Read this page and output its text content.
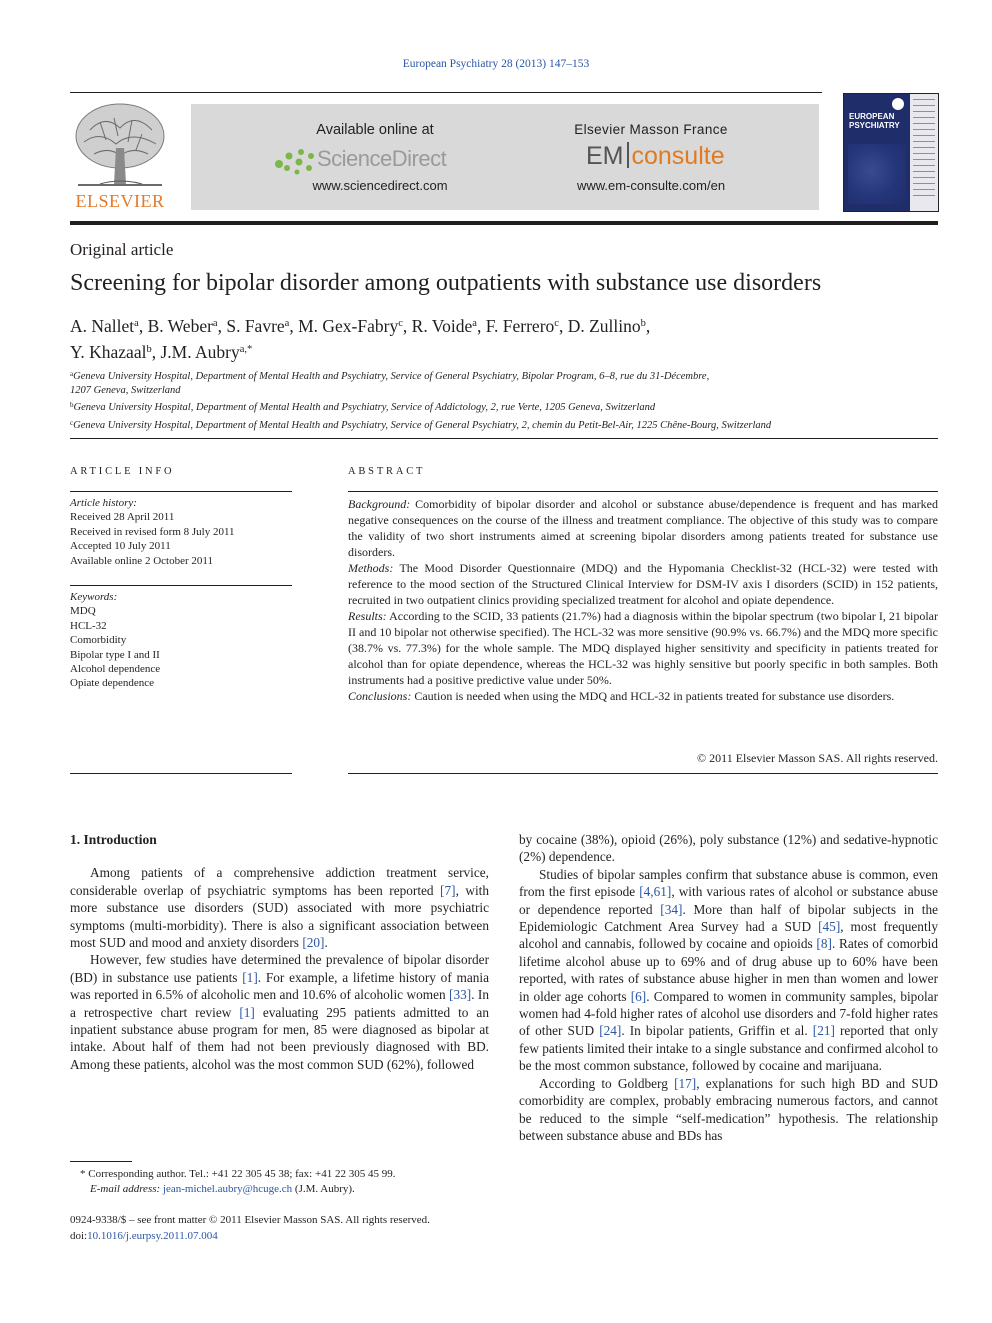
European Psychiatry 28 (2013) 147–153
ELSEVIER
Available online at
ScienceDirect
www.sciencedirect.com
Elsevier Masson France
EM consulte
www.em-consulte.com/en
EUROPEAN PSYCHIATRY
Original article
Screening for bipolar disorder among outpatients with substance use disorders
A. Nallet$^a$, B. Weber$^a$, S. Favre$^a$, M. Gex-Fabry$^c$, R. Voide$^a$, F. Ferrero$^c$, D. Zullino$^b$,
Y. Khazaal$^b$, J.M. Aubry$^{a,*}$
$^a$Geneva University Hospital, Department of Mental Health and Psychiatry, Service of General Psychiatry, Bipolar Program, 6–8, rue du 31-Décembre,
1207 Geneva, Switzerland
$^b$Geneva University Hospital, Department of Mental Health and Psychiatry, Service of Addictology, 2, rue Verte, 1205 Geneva, Switzerland
$^c$Geneva University Hospital, Department of Mental Health and Psychiatry, Service of General Psychiatry, 2, chemin du Petit-Bel-Air, 1225 Chêne-Bourg, Switzerland
ARTICLE INFO
Article history:
Received 28 April 2011
Received in revised form 8 July 2011
Accepted 10 July 2011
Available online 2 October 2011
Keywords:
MDQ
HCL-32
Comorbidity
Bipolar type I and II
Alcohol dependence
Opiate dependence
ABSTRACT

Background: Comorbidity of bipolar disorder and alcohol or substance abuse/dependence is frequent and has marked negative consequences on the course of the illness and treatment compliance. The objective of this study was to compare the validity of two short instruments aimed at screening bipolar disorders among patients treated for substance use disorders.

Methods: The Mood Disorder Questionnaire (MDQ) and the Hypomania Checklist-32 (HCL-32) were tested with reference to the mood section of the Structured Clinical Interview for DSM-IV axis I disorders (SCID) in 152 patients, recruited in two outpatient clinics providing specialized treatment for alcohol and opiate dependence.

Results: According to the SCID, 33 patients (21.7%) had a diagnosis within the bipolar spectrum (two bipolar I, 21 bipolar II and 10 bipolar not otherwise specified). The HCL-32 was more sensitive (90.9% vs. 66.7%) and the MDQ more specific (38.7% vs. 77.3%) for the whole sample. The MDQ displayed higher sensitivity and specificity in patients treated for alcohol than for opiate dependence, whereas the HCL-32 was highly sensitive but poorly specific in both samples. Both instruments had a positive predictive value under 50%.

Conclusions: Caution is needed when using the MDQ and HCL-32 in patients treated for substance use disorders.

© 2011 Elsevier Masson SAS. All rights reserved.

1. Introduction

Among patients of a comprehensive addiction treatment service, considerable overlap of psychiatric symptoms has been reported [7], with more substance use disorders (SUD) associated with more psychiatric symptoms (multi-morbidity). There is also a significant association between most SUD and mood and anxiety disorders [20].

However, few studies have determined the prevalence of bipolar disorder (BD) in substance use patients [1]. For example, a lifetime history of mania was reported in 6.5% of alcoholic men and 10.6% of alcoholic women [33]. In a retrospective chart review [1] evaluating 295 patients admitted to an inpatient substance abuse program for men, 85 were diagnosed as bipolar at intake. About half of them had not been previously diagnosed with BD. Among these patients, alcohol was the most common SUD (62%), followed

by cocaine (38%), opioid (26%), poly substance (12%) and sedative-hypnotic (2%) dependence.

Studies of bipolar samples confirm that substance abuse is common, even from the first episode [4,61], with various rates of alcohol or substance abuse or dependence reported [34]. More than half of bipolar subjects in the Epidemiologic Catchment Area Survey had a SUD [45], most frequently alcohol and cannabis, followed by cocaine and opioids [8]. Rates of comorbid lifetime alcohol abuse up to 69% and of drug abuse up to 60% have been reported, with rates of substance abuse higher in men than women and lower in older age cohorts [6]. Compared to women in community samples, bipolar women had 4-fold higher rates of alcohol use disorders and 7-fold higher rates of other SUD [24]. In bipolar patients, Griffin et al. [21] reported that only few patients limited their intake to a single substance and confirmed alcohol to be the most common substance, followed by cocaine and marijuana.

According to Goldberg [17], explanations for such high BD and SUD comorbidity are complex, probably embracing numerous factors, and cannot be reduced to the simple “self-medication” hypothesis. The relationship between substance abuse and BDs has

* Corresponding author. Tel.: +41 22 305 45 38; fax: +41 22 305 45 99.
E-mail address: jean-michel.aubry@hcuge.ch (J.M. Aubry).
0924-9338/$ – see front matter © 2011 Elsevier Masson SAS. All rights reserved.
doi:10.1016/j.eurpsy.2011.07.004
